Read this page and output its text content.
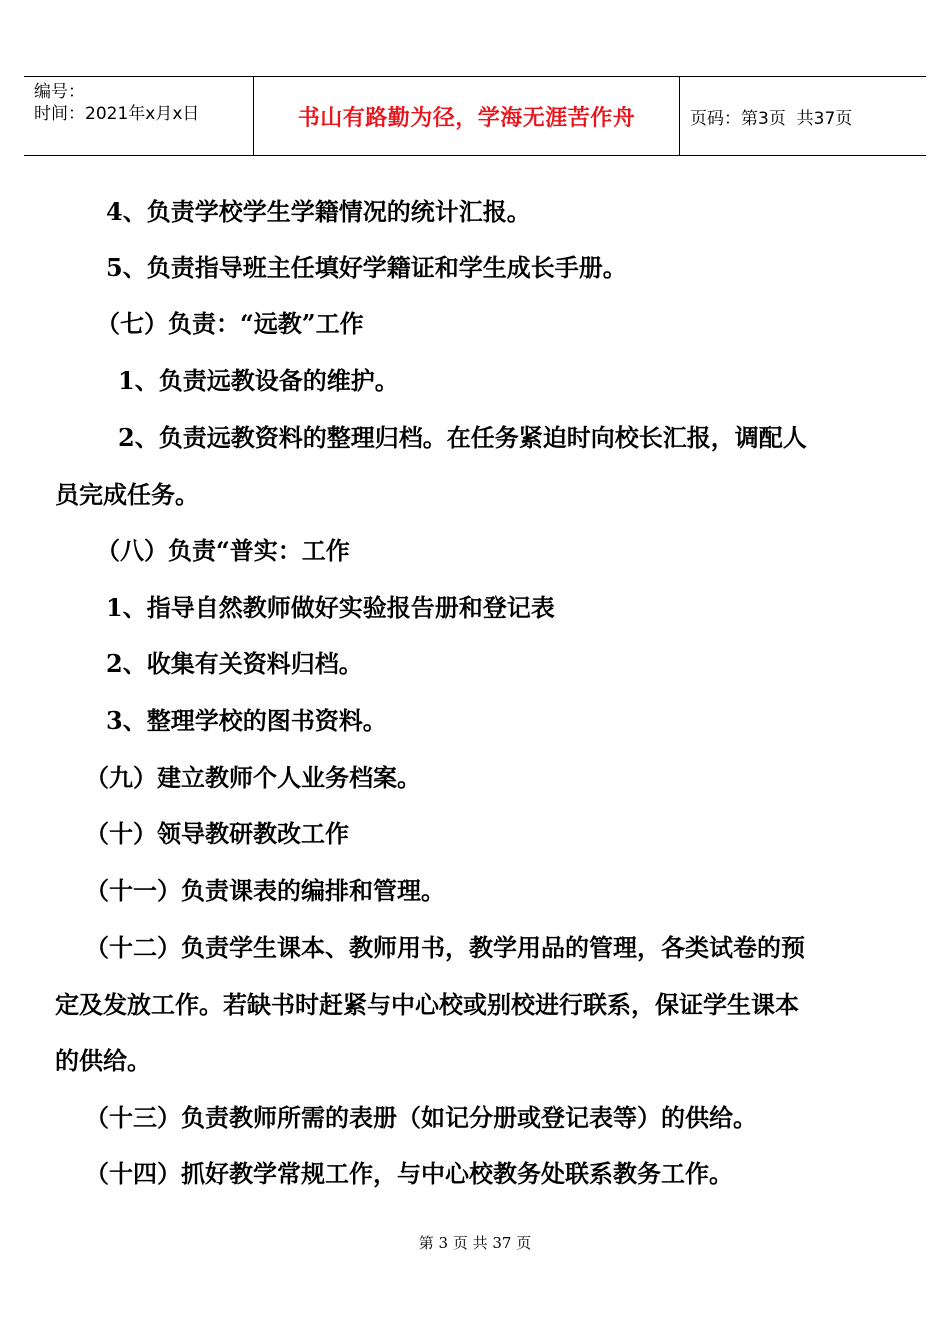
编号：
时间：2021年x月x日	书山有路勤为径，学海无涯苦作舟	页码：第3页  共37页
4、负责学校学生学籍情况的统计汇报。
5、负责指导班主任填好学籍证和学生成长手册。
（七）负责：“远教”工作
1、负责远教设备的维护。
2、负责远教资料的整理归档。在任务紧迫时向校长汇报，调配人
员完成任务。
（八）负责“普实：工作
1、指导自然教师做好实验报告册和登记表
2、收集有关资料归档。
3、整理学校的图书资料。
（九）建立教师个人业务档案。
（十）领导教研教改工作
（十一）负责课表的编排和管理。
（十二）负责学生课本、教师用书，教学用品的管理，各类试卷的预
定及发放工作。若缺书时赶紧与中心校或别校进行联系，保证学生课本
的供给。
（十三）负责教师所需的表册（如记分册或登记表等）的供给。
（十四）抓好教学常规工作，与中心校教务处联系教务工作。
第 3 页 共 37 页
